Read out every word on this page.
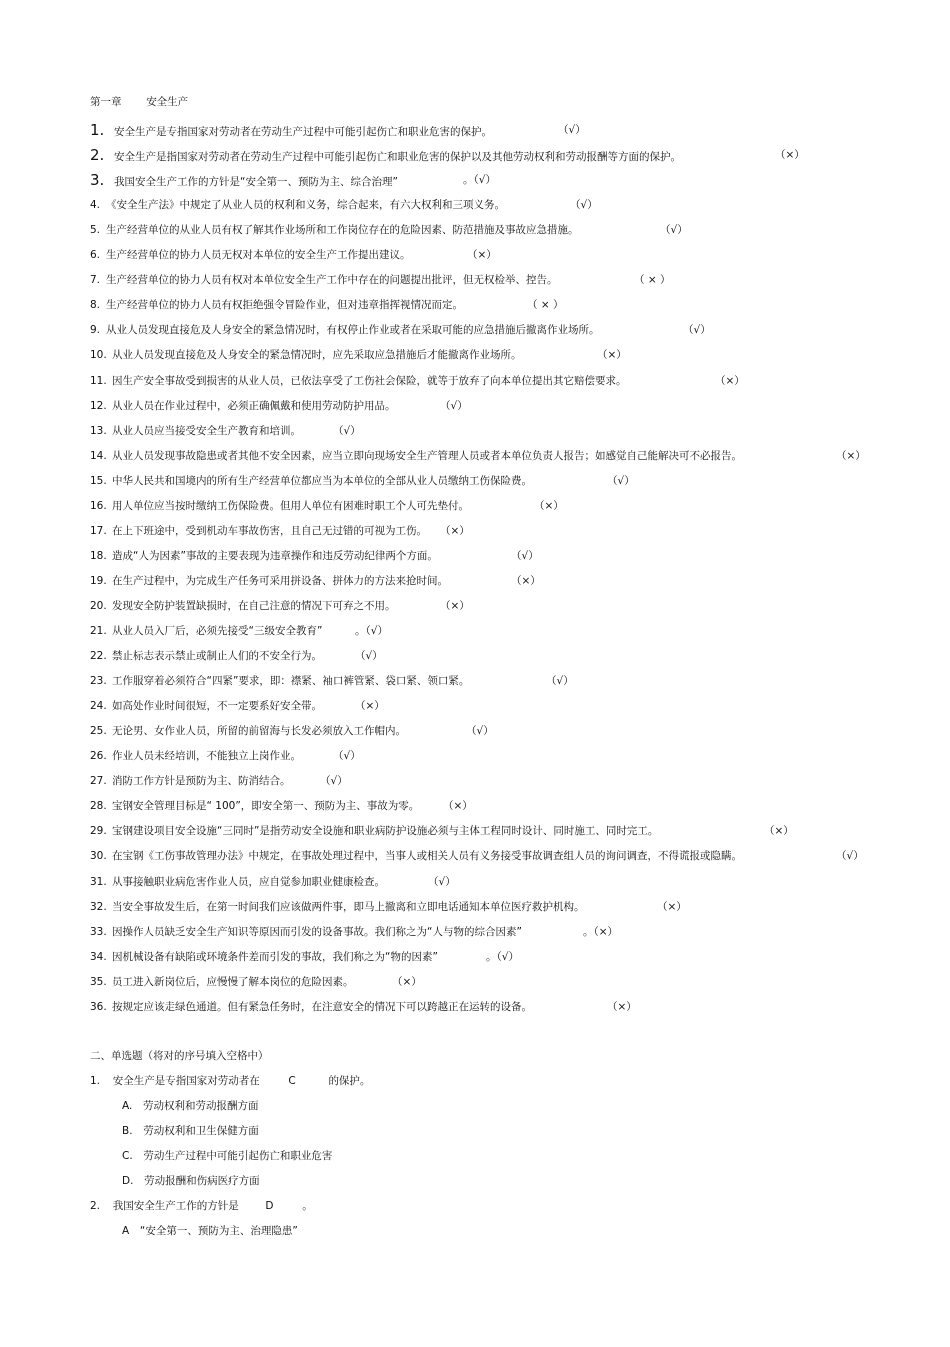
第一章 安全生产
1. 安全生产是专指国家对劳动者在劳动生产过程中可能引起伤亡和职业危害的保护。	（√）
2. 安全生产是指国家对劳动者在劳动生产过程中可能引起伤亡和职业危害的保护以及其他劳动权利和劳动报酬等方面的保护。	（×）
3. 我国安全生产工作的方针是“安全第一、预防为主、综合治理”	。（√）
4. 《安全生产法》中规定了从业人员的权利和义务，综合起来，有六大权利和三项义务。	（√）
5. 生产经营单位的从业人员有权了解其作业场所和工作岗位存在的危险因素、防范措施及事故应急措施。	（√）
6. 生产经营单位的协力人员无权对本单位的安全生产工作提出建议。	（×）
7. 生产经营单位的协力人员有权对本单位安全生产工作中存在的问题提出批评，但无权检举、控告。	（ × ）
8. 生产经营单位的协力人员有权拒绝强令冒险作业，但对违章指挥视情况而定。	（ × ）
9. 从业人员发现直接危及人身安全的紧急情况时，有权停止作业或者在采取可能的应急措施后撤离作业场所。	（√）
10. 从业人员发现直接危及人身安全的紧急情况时，应先采取应急措施后才能撤离作业场所。	（×）
11. 因生产安全事故受到损害的从业人员，已依法享受了工伤社会保险，就等于放弃了向本单位提出其它赔偿要求。	（×）
12. 从业人员在作业过程中，必须正确佩戴和使用劳动防护用品。	（√）
13. 从业人员应当接受安全生产教育和培训。	（√）
14. 从业人员发现事故隐患或者其他不安全因素，应当立即向现场安全生产管理人员或者本单位负责人报告；如感觉自己能解决可不必报告。	（×）
15. 中华人民共和国境内的所有生产经营单位都应当为本单位的全部从业人员缴纳工伤保险费。	（√）
16. 用人单位应当按时缴纳工伤保险费。但用人单位有困难时职工个人可先垫付。	（×）
17. 在上下班途中，受到机动车事故伤害，且自己无过错的可视为工伤。 （×）
18. 造成“人为因素”事故的主要表现为违章操作和违反劳动纪律两个方面。	（√）
19. 在生产过程中，为完成生产任务可采用拼设备、拼体力的方法来抢时间。	（×）
20. 发现安全防护装置缺损时，在自己注意的情况下可弃之不用。	（×）
21. 从业人员入厂后，必须先接受“三级安全教育”	。（√）
22. 禁止标志表示禁止或制止人们的不安全行为。	（√）
23. 工作服穿着必须符合“四紧”要求，即：襟紧、袖口裤管紧、袋口紧、领口紧。	（√）
24. 如高处作业时间很短，不一定要系好安全带。	（×）
25. 无论男、女作业人员，所留的前留海与长发必须放入工作帽内。	（√）
26. 作业人员未经培训，不能独立上岗作业。	（√）
27. 消防工作方针是预防为主、防消结合。	（√）
28. 宝钢安全管理目标是“ 100”，即安全第一、预防为主、事故为零。 （×）
29. 宝钢建设项目安全设施“三同时”是指劳动安全设施和职业病防护设施必须与主体工程同时设计、同时施工、同时完工。	（×）
30. 在宝钢《工伤事故管理办法》中规定，在事故处理过程中，当事人或相关人员有义务接受事故调查组人员的询问调查，不得谎报或隐瞒。	（√）
31. 从事接触职业病危害作业人员，应自觉参加职业健康检查。	（√）
32. 当安全事故发生后，在第一时间我们应该做两件事，即马上撤离和立即电话通知本单位医疗救护机构。	（×）
33. 因操作人员缺乏安全生产知识等原因而引发的设备事故。我们称之为“人与物的综合因素”	。（×）
34. 因机械设备有缺陷或环境条件差而引发的事故，我们称之为“物的因素”	。（√）
35. 员工进入新岗位后，应慢慢了解本岗位的危险因素。	（×）
36. 按规定应该走绿色通道。但有紧急任务时，在注意安全的情况下可以跨越正在运转的设备。	（×）
二、单选题（将对的序号填入空格中）
1. 安全生产是专指国家对劳动者在	C	的保护。
A. 劳动权利和劳动报酬方面
B. 劳动权利和卫生保健方面
C. 劳动生产过程中可能引起伤亡和职业危害
D. 劳动报酬和伤病医疗方面
2. 我国安全生产工作的方针是	D	。
A “安全第一、预防为主、治理隐患”
